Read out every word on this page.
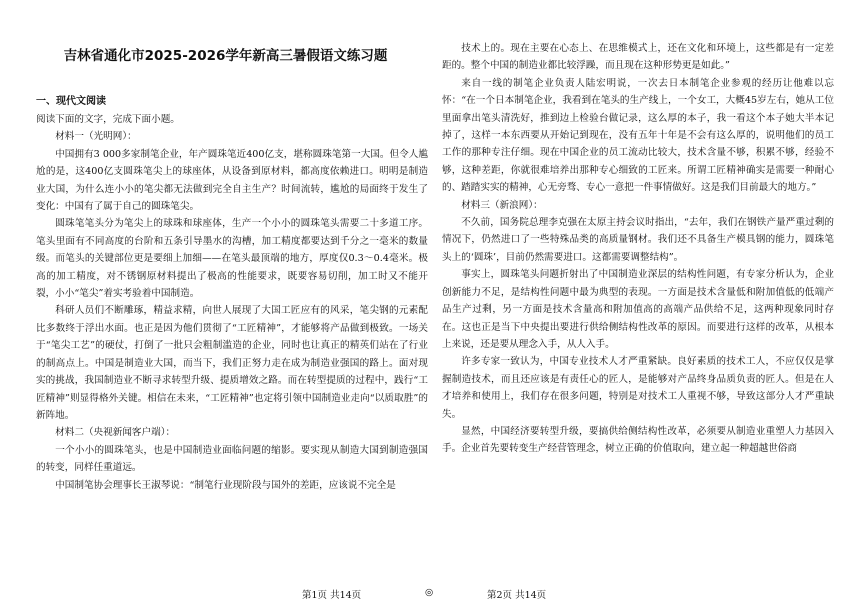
吉林省通化市2025-2026学年新高三暑假语文练习题
一、现代文阅读

阅读下面的文字，完成下面小题。

材料一（光明网）：

中国拥有3 000多家制笔企业，年产圆珠笔近400亿支，堪称圆珠笔第一大国。但令人尴尬的是，这400亿支圆珠笔尖上的球座体，从设备到原材料，都高度依赖进口。明明是制造业大国，为什么连小小的笔尖都无法做到完全自主生产？时间流转，尴尬的局面终于发生了变化：中国有了属于自己的圆珠笔尖。

圆珠笔笔头分为笔尖上的球珠和球座体，生产一个小小的圆珠笔头需要二十多道工序。笔头里面有不同高度的台阶和五条引导墨水的沟槽，加工精度都要达到千分之一毫米的数量级。而笔头的关键部位更是要细上加细——在笔头最顶端的地方，厚度仅0.3～0.4毫米。极高的加工精度，对不锈钢原材料提出了极高的性能要求，既要容易切削，加工时又不能开裂，小小“笔尖”着实考验着中国制造。

科研人员们不断雕琢，精益求精，向世人展现了大国工匠应有的风采，笔尖钢的元素配比多数终于浮出水面。也正是因为他们贯彻了“工匠精神”，才能够将产品做到极致。一场关于“笔尖工艺”的硬仗，打倒了一批只会粗制滥造的企业，同时也让真正的精英们站在了行业的制高点上。中国是制造业大国，而当下，我们正努力走在成为制造业强国的路上。面对现实的挑战，我国制造业不断寻求转型升级、提质增效之路。而在转型提质的过程中，践行“工匠精神”则显得格外关键。相信在未来，“工匠精神”也定将引领中国制造业走向“以质取胜”的新阵地。

材料二（央视新闻客户端）：

一个小小的圆珠笔头，也是中国制造业面临问题的缩影。要实现从制造大国到制造强国的转变，同样任重道远。

中国制笔协会理事长王淑琴说：“制笔行业现阶段与国外的差距，应该说不完全是

技术上的。现在主要在心态上、在思维模式上，还在文化和环境上，这些都是有一定差距的。整个中国的制造业都比较浮躁，而且现在这种形势更是如此。”

来自一线的制笔企业负责人陆宏明说，一次去日本制笔企业参观的经历让他难以忘怀：“在一个日本制笔企业，我看到在笔头的生产线上，一个女工，大概45岁左右，她从工位里面拿出笔头清洗好，推到边上检验台做记录，这么厚的本子，我一看这个本子她大半本记掉了，这样一本东西要从开始记到现在，没有五年十年是不会有这么厚的，说明他们的员工工作的那种专注仔细。现在中国企业的员工流动比较大，技术含量不够，积累不够，经验不够，这种差距，你就很难培养出那种专心细致的工匠来。所谓工匠精神确实是需要一种耐心的、踏踏实实的精神，心无旁骛、专心一意把一件事情做好。这是我们目前最大的地方。”

材料三（新浪网）：

不久前，国务院总理李克强在太原主持会议时指出，“去年，我们在钢铁产量严重过剩的情况下，仍然进口了一些特殊品类的高质量钢材。我们还不具备生产模具钢的能力，圆珠笔头上的‘圆珠’，目前仍然需要进口。这都需要调整结构”。

事实上，圆珠笔头问题折射出了中国制造业深层的结构性问题，有专家分析认为，企业创新能力不足，是结构性问题中最为典型的表现。一方面是技术含量低和附加值低的低端产品生产过剩，另一方面是技术含量高和附加值高的高端产品供给不足，这两种现象同时存在。这也正是当下中央提出要进行供给侧结构性改革的原因。而要进行这样的改革，从根本上来说，还是要从理念入手，从人入手。

许多专家一致认为，中国专业技术人才严重紧缺。良好素质的技术工人，不应仅仅是掌握制造技术，而且还应该是有责任心的匠人，是能够对产品终身品质负责的匠人。但是在人才培养和使用上，我们存在很多问题，特别是对技术工人重视不够，导致这部分人才严重缺失。

显然，中国经济要转型升级，要搞供给侧结构性改革，必须要从制造业重塑人力基因入手。企业首先要转变生产经营管理念，树立正确的价值取向，建立起一种超越世俗商

第1页 共14页	◎	第2页 共14页
